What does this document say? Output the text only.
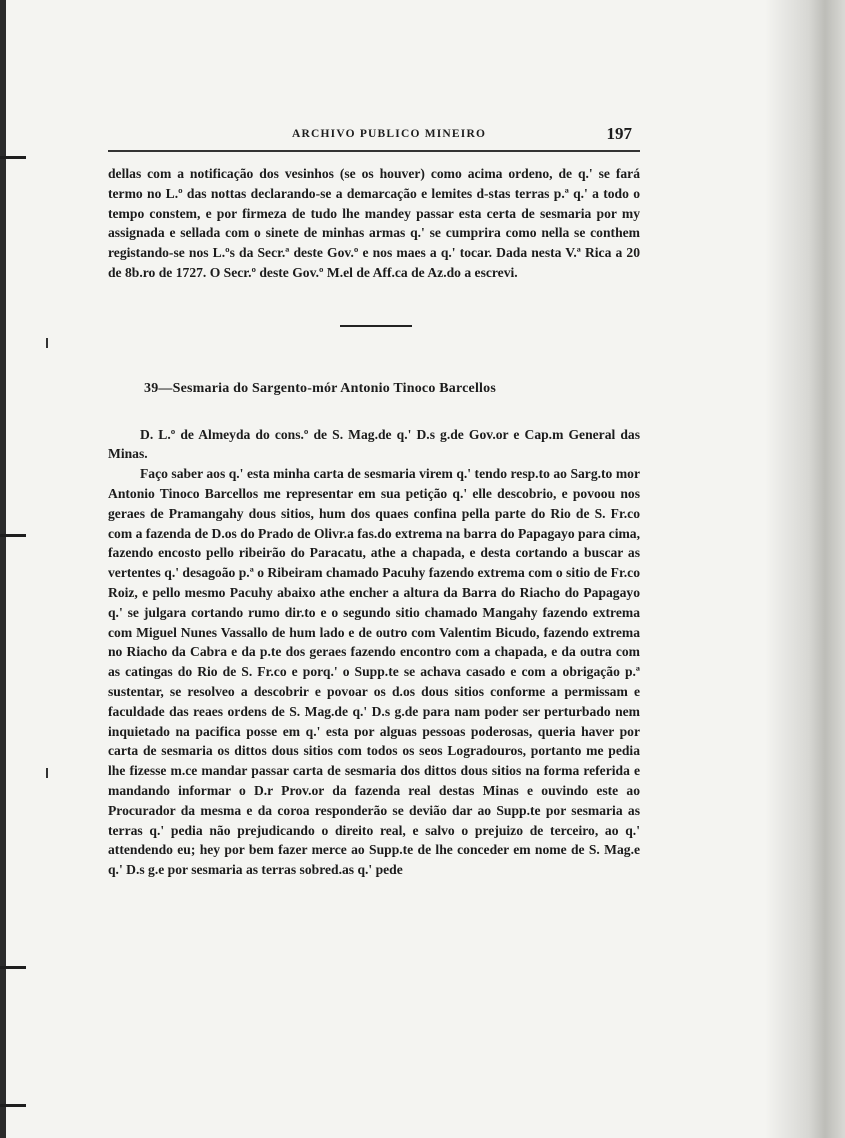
ARCHIVO PUBLICO MINEIRO	197

dellas com a notificação dos vesinhos (se os houver) como acima ordeno, de q.' se fará termo no L.º das nottas declarando-se a demarcação e lemites d-stas terras p.ª q.' a todo o tempo constem, e por firmeza de tudo lhe mandey passar esta certa de sesmaria por my assignada e sellada com o sinete de minhas armas q.' se cumprira como nella se conthem registando-se nos L.ºs da Secr.ª deste Gov.º e nos maes a q.' tocar. Dada nesta V.ª Rica a 20 de 8b.ro de 1727. O Secr.º deste Gov.º M.el de Aff.ca de Az.do a escrevi.

39—Sesmaria do Sargento-mór Antonio Tinoco Barcellos

D. L.º de Almeyda do cons.º de S. Mag.de q.' D.s g.de Gov.or e Cap.m General das Minas.

Faço saber aos q.' esta minha carta de sesmaria virem q.' tendo resp.to ao Sarg.to mor Antonio Tinoco Barcellos me representar em sua petição q.' elle descobrio, e povoou nos geraes de Pramangahy dous sitios, hum dos quaes confina pella parte do Rio de S. Fr.co com a fazenda de D.os do Prado de Olivr.a fas.do extrema na barra do Papagayo para cima, fazendo encosto pello ribeirão do Paracatu, athe a chapada, e desta cortando a buscar as vertentes q.' desagoão p.ª o Ribeiram chamado Pacuhy fazendo extrema com o sitio de Fr.co Roiz, e pello mesmo Pacuhy abaixo athe encher a altura da Barra do Riacho do Papagayo q.' se julgara cortando rumo dir.to e o segundo sitio chamado Mangahy fazendo extrema com Miguel Nunes Vassallo de hum lado e de outro com Valentim Bicudo, fazendo extrema no Riacho da Cabra e da p.te dos geraes fazendo encontro com a chapada, e da outra com as catingas do Rio de S. Fr.co e porq.' o Supp.te se achava casado e com a obrigação p.ª sustentar, se resolveo a descobrir e povoar os d.os dous sitios conforme a permissam e faculdade das reaes ordens de S. Mag.de q.' D.s g.de para nam poder ser perturbado nem inquietado na pacifica posse em q.' esta por alguas pessoas poderosas, queria haver por carta de sesmaria os dittos dous sitios com todos os seos Logradouros, portanto me pedia lhe fizesse m.ce mandar passar carta de sesmaria dos dittos dous sitios na forma referida e mandando informar o D.r Prov.or da fazenda real destas Minas e ouvindo este ao Procurador da mesma e da coroa responderão se devião dar ao Supp.te por sesmaria as terras q.' pedia não prejudicando o direito real, e salvo o prejuizo de terceiro, ao q.' attendendo eu; hey por bem fazer merce ao Supp.te de lhe conceder em nome de S. Mag.e q.' D.s g.e por sesmaria as terras sobred.as q.' pede
